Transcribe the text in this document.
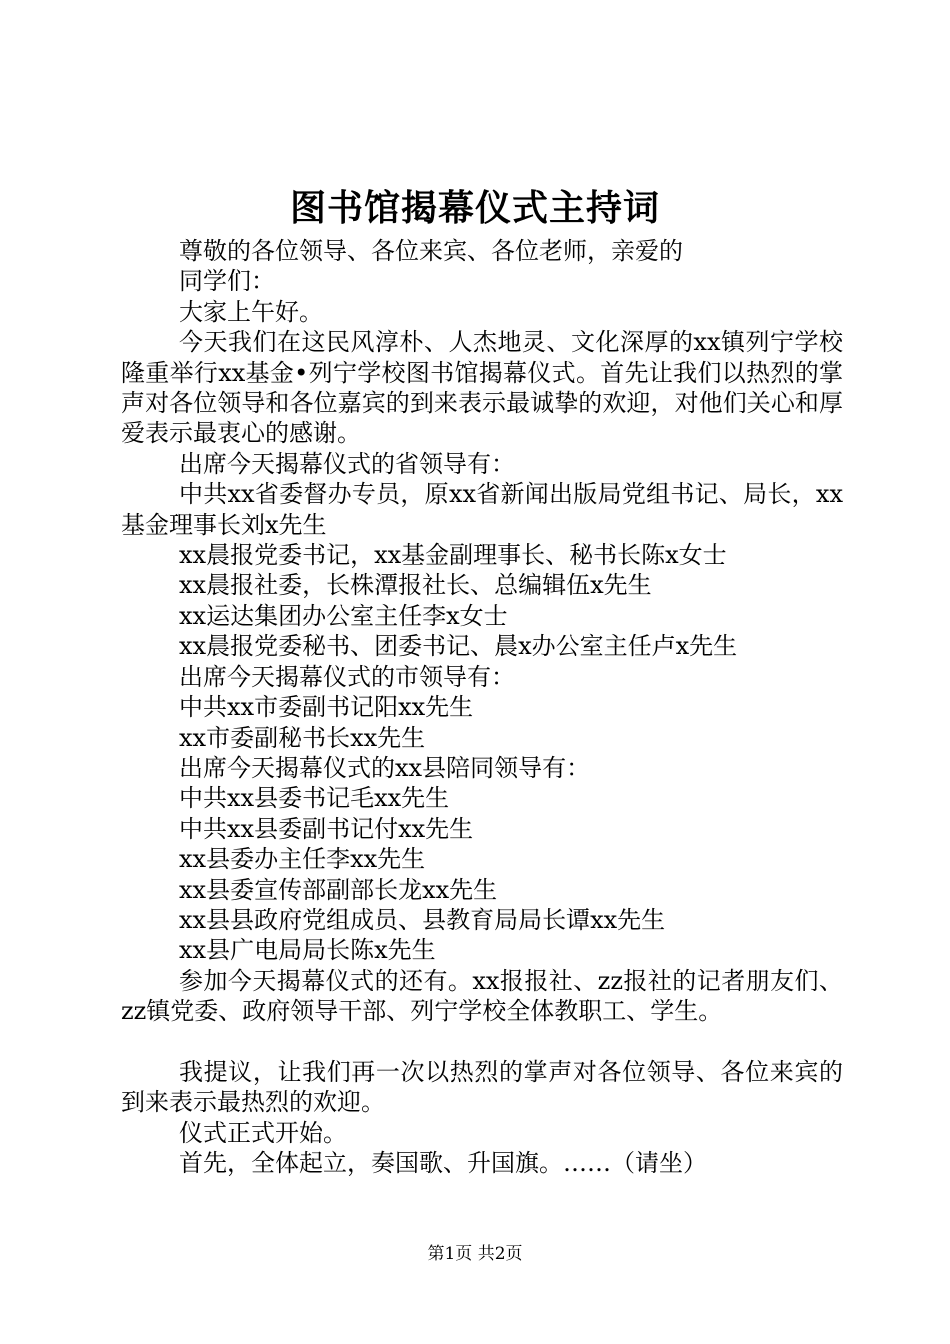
图书馆揭幕仪式主持词

尊敬的各位领导、各位来宾、各位老师，亲爱的

同学们：

大家上午好。

今天我们在这民风淳朴、人杰地灵、文化深厚的xx镇列宁学校隆重举行xx基金•列宁学校图书馆揭幕仪式。首先让我们以热烈的掌声对各位领导和各位嘉宾的到来表示最诚挚的欢迎，对他们关心和厚爱表示最衷心的感谢。

出席今天揭幕仪式的省领导有：

中共xx省委督办专员，原xx省新闻出版局党组书记、局长，xx基金理事长刘x先生

xx晨报党委书记，xx基金副理事长、秘书长陈x女士

xx晨报社委，长株潭报社长、总编辑伍x先生

xx运达集团办公室主任李x女士

xx晨报党委秘书、团委书记、晨x办公室主任卢x先生

出席今天揭幕仪式的市领导有：

中共xx市委副书记阳xx先生

xx市委副秘书长xx先生

出席今天揭幕仪式的xx县陪同领导有：

中共xx县委书记毛xx先生

中共xx县委副书记付xx先生

xx县委办主任李xx先生

xx县委宣传部副部长龙xx先生

xx县县政府党组成员、县教育局局长谭xx先生

xx县广电局局长陈x先生

参加今天揭幕仪式的还有。xx报报社、zz报社的记者朋友们、zz镇党委、政府领导干部、列宁学校全体教职工、学生。

我提议，让我们再一次以热烈的掌声对各位领导、各位来宾的到来表示最热烈的欢迎。

仪式正式开始。

首先，全体起立，奏国歌、升国旗。……（请坐）

第1页 共2页
